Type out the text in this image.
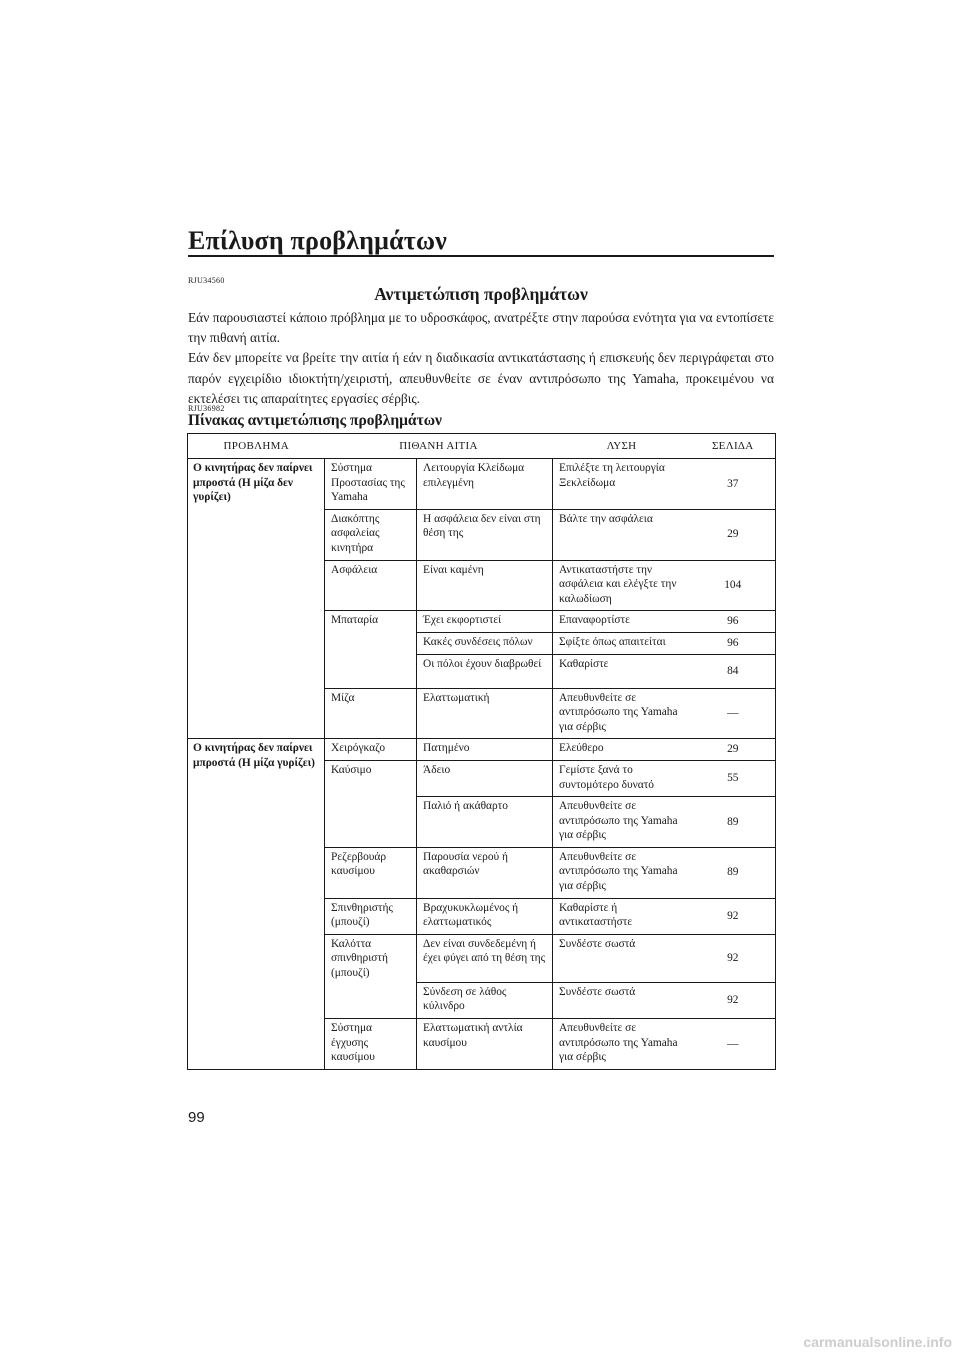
Επίλυση προβλημάτων
RJU34560
Αντιμετώπιση προβλημάτων

Εάν παρουσιαστεί κάποιο πρόβλημα με το υδροσκάφος, ανατρέξτε στην παρούσα ενότητα για να εντοπίσετε την πιθανή αιτία.

Εάν δεν μπορείτε να βρείτε την αιτία ή εάν η διαδικασία αντικατάστασης ή επισκευής δεν περιγράφεται στο παρόν εγχειρίδιο ιδιοκτήτη/χειριστή, απευθυνθείτε σε έναν αντιπρόσωπο της Yamaha, προκειμένου να εκτελέσει τις απαραίτητες εργασίες σέρβις.

RJU36982
Πίνακας αντιμετώπισης προβλημάτων
ΠΡΟΒΛΗΜΑ	ΠΙΘΑΝΗ ΑΙΤΙΑ		ΛΥΣΗ	ΣΕΛΙΔΑ
Ο κινητήρας δεν παίρνει μπροστά (Η μίζα δεν γυρίζει)	Σύστημα Προστασίας της Yamaha	Λειτουργία Κλείδωμα επιλεγμένη	Επιλέξτε τη λειτουργία Ξεκλείδωμα	37
	Διακόπτης ασφαλείας κινητήρα	Η ασφάλεια δεν είναι στη θέση της	Βάλτε την ασφάλεια	29
	Ασφάλεια	Είναι καμένη	Αντικαταστήστε την ασφάλεια και ελέγξτε την καλωδίωση	104
	Μπαταρία	Έχει εκφορτιστεί	Επαναφορτίστε	96
		Κακές συνδέσεις πόλων	Σφίξτε όπως απαιτείται	96
		Οι πόλοι έχουν διαβρωθεί	Καθαρίστε	84
	Μίζα	Ελαττωματική	Απευθυνθείτε σε αντιπρόσωπο της Yamaha για σέρβις	—
Ο κινητήρας δεν παίρνει μπροστά (Η μίζα γυρίζει)	Χειρόγκαζο	Πατημένο	Ελεύθερο	29
	Καύσιμο	Άδειο	Γεμίστε ξανά το συντομότερο δυνατό	55
		Παλιό ή ακάθαρτο	Απευθυνθείτε σε αντιπρόσωπο της Yamaha για σέρβις	89
	Ρεζερβουάρ καυσίμου	Παρουσία νερού ή ακαθαρσιών	Απευθυνθείτε σε αντιπρόσωπο της Yamaha για σέρβις	89
	Σπινθηριστής (μπουζί)	Βραχυκυκλωμένος ή ελαττωματικός	Καθαρίστε ή αντικαταστήστε	92
	Καλόττα σπινθηριστή (μπουζί)	Δεν είναι συνδεδεμένη ή έχει φύγει από τη θέση της	Συνδέστε σωστά	92
		Σύνδεση σε λάθος κύλινδρο	Συνδέστε σωστά	92
	Σύστημα έγχυσης καυσίμου	Ελαττωματική αντλία καυσίμου	Απευθυνθείτε σε αντιπρόσωπο της Yamaha για σέρβις	—
99
carmanualsonline.info
